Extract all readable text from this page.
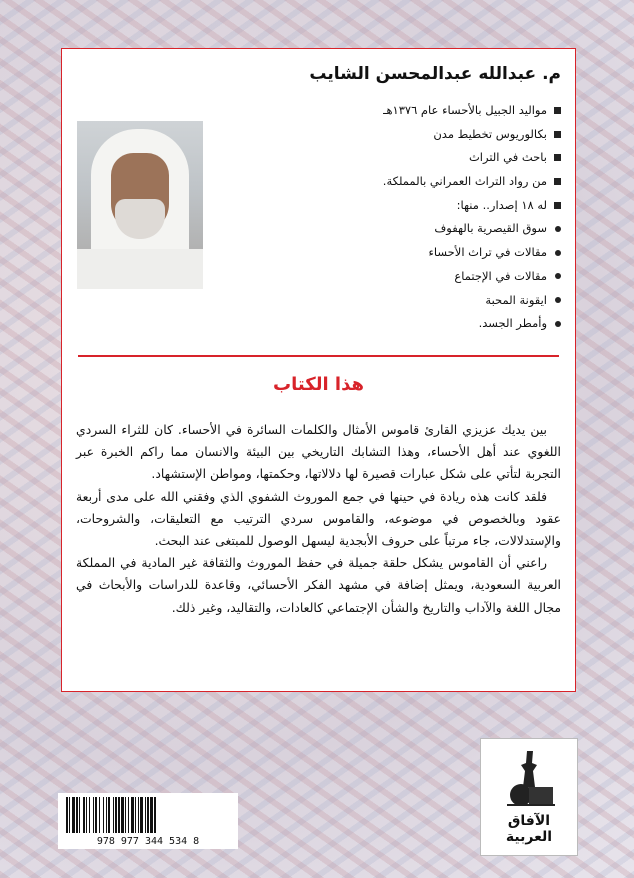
م. عبدالله عبدالمحسن الشايب
مواليد الجبيل بالأحساء عام ١٣٧٦هـ
بكالوريوس تخطيط مدن
باحث في التراث
من رواد التراث العمراني بالمملكة.
له ١٨ إصدار.. منها:
سوق القيصرية بالهفوف
مقالات في تراث الأحساء
مقالات في الإجتماع
ايقونة المحبة
وأمطر الجسد.
هذا الكتاب

بين يديك عزيزي القارئ قاموس الأمثال والكلمات السائرة في الأحساء. كان للثراء السردي اللغوي عند أهل الأحساء، وهذا التشابك التاريخي بين البيئة والانسان مما راكم الخبرة عبر التجربة لتأتي على شكل عبارات قصيرة لها دلالاتها، وحكمتها، ومواطن الإستشهاد.

فلقد كانت هذه ريادة في حينها في جمع الموروث الشفوي الذي وفقني الله على مدى أربعة عقود وبالخصوص في موضوعه، والقاموس سردي الترتيب مع التعليقات، والشروحات، والإستدلالات، جاء مرتباً على حروف الأبجدية ليسهل الوصول للمبتغى عند البحث.

راعني أن القاموس يشكل حلقة جميلة في حفظ الموروث والثقافة غير المادية في المملكة العربية السعودية، ويمثل إضافة في مشهد الفكر الأحسائي، وقاعدة للدراسات والأبحاث في مجال اللغة والآداب والتاريخ والشأن الإجتماعي كالعادات، والتقاليد، وغير ذلك.

978 977 344 534 8
الآفاق العربية
